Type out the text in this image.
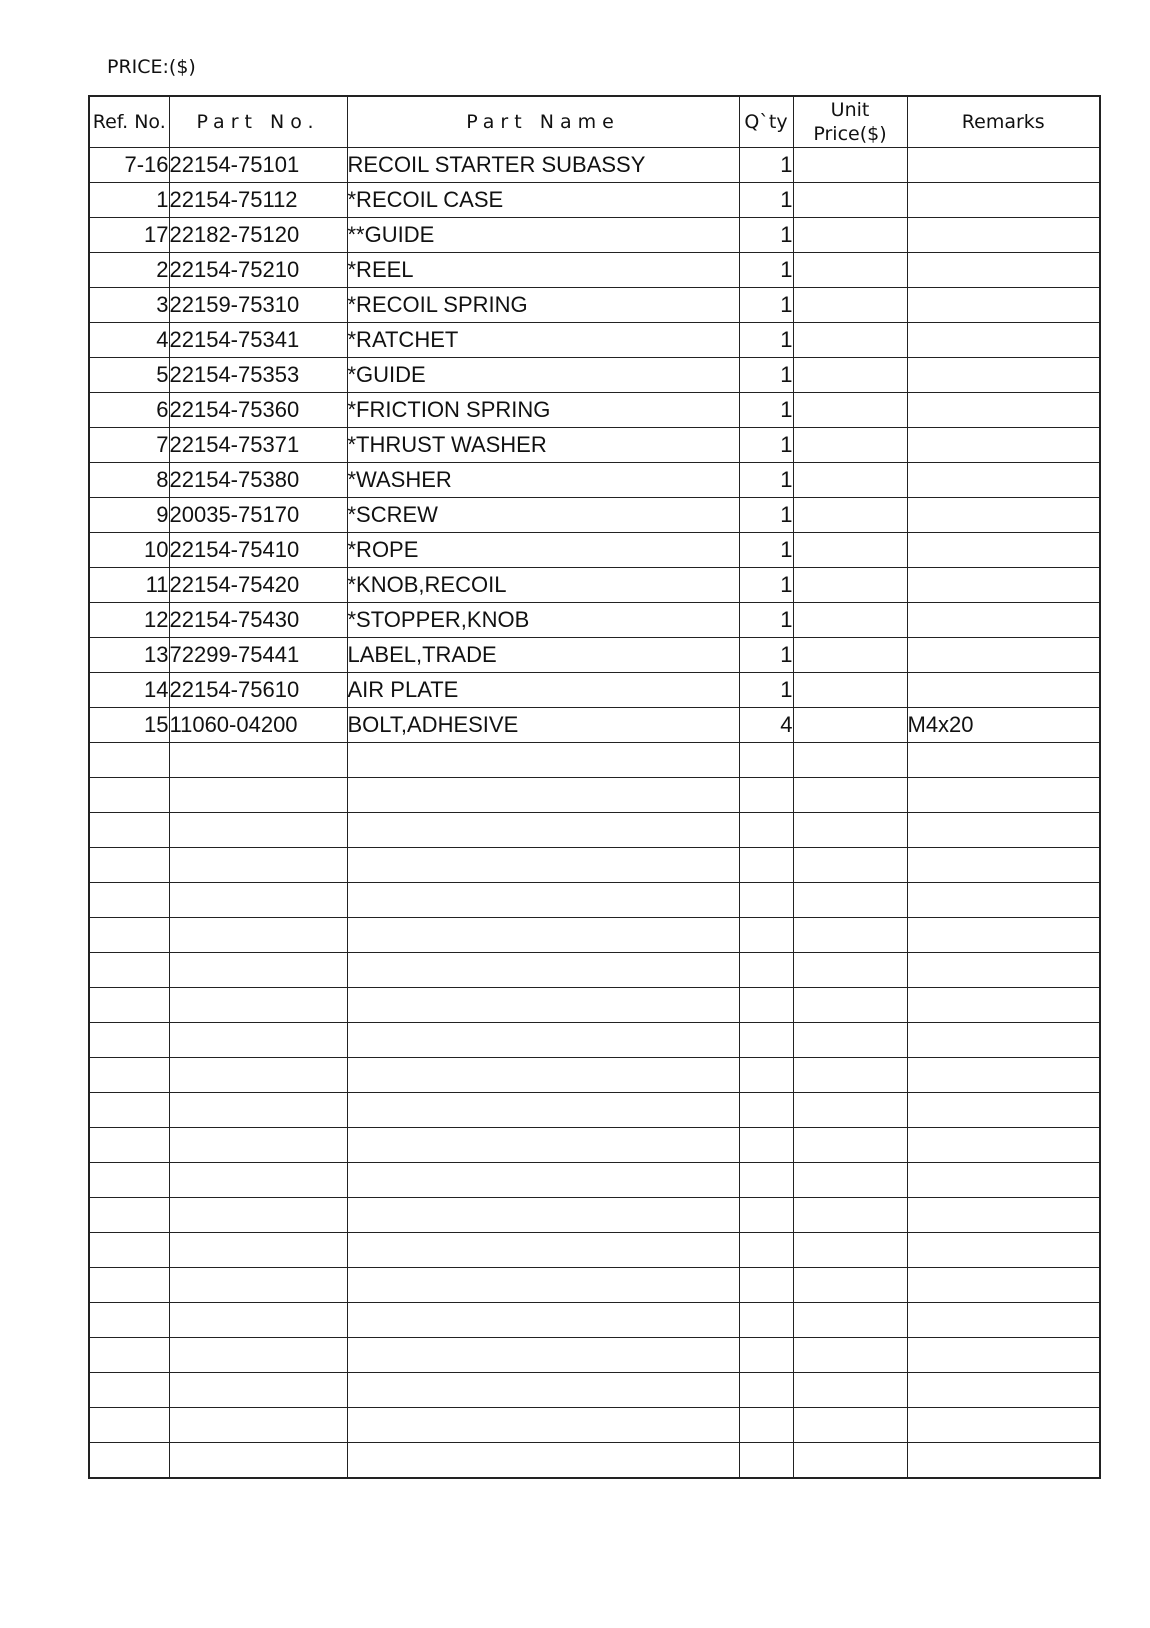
PRICE:($)
Ref. No.	Part No.	Part Name	Q`ty	Unit Price($)	Remarks
7-16	22154-75101	RECOIL STARTER SUBASSY	1		
1	22154-75112	*RECOIL CASE	1		
17	22182-75120	**GUIDE	1		
2	22154-75210	*REEL	1		
3	22159-75310	*RECOIL SPRING	1		
4	22154-75341	*RATCHET	1		
5	22154-75353	*GUIDE	1		
6	22154-75360	*FRICTION SPRING	1		
7	22154-75371	*THRUST WASHER	1		
8	22154-75380	*WASHER	1		
9	20035-75170	*SCREW	1		
10	22154-75410	*ROPE	1		
11	22154-75420	*KNOB,RECOIL	1		
12	22154-75430	*STOPPER,KNOB	1		
13	72299-75441	LABEL,TRADE	1		
14	22154-75610	AIR PLATE	1		
15	11060-04200	BOLT,ADHESIVE	4		M4x20
